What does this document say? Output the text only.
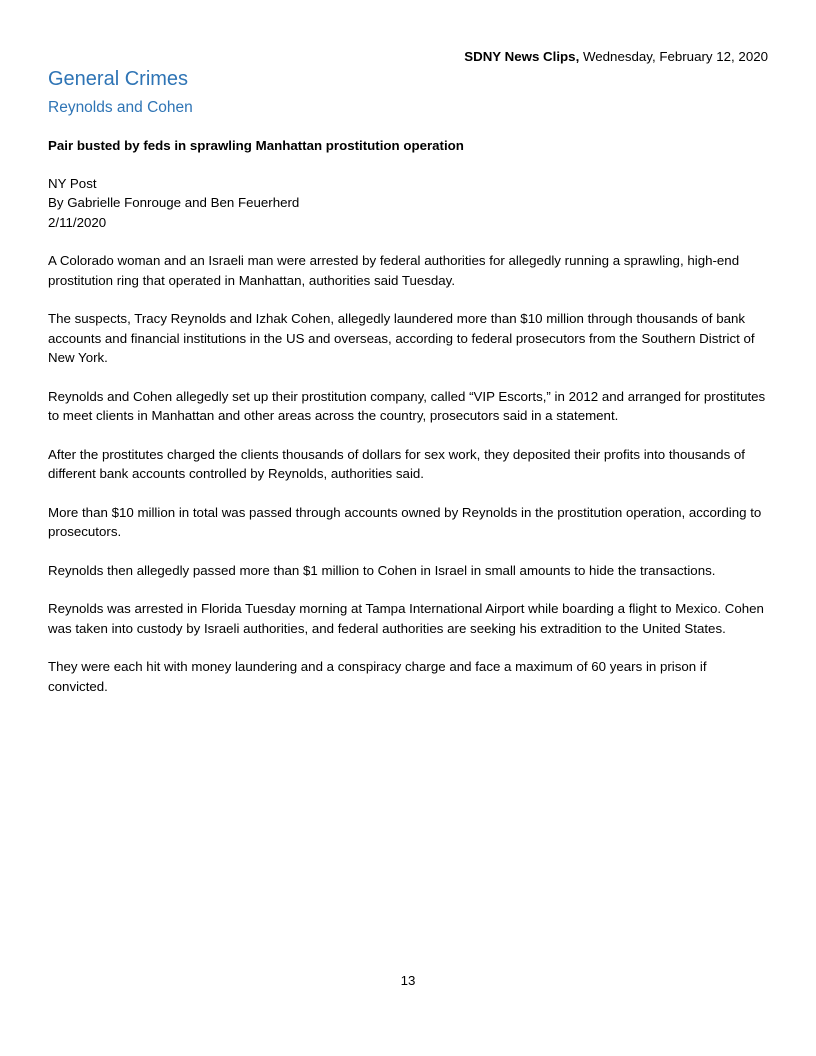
SDNY News Clips, Wednesday, February 12, 2020
General Crimes
Reynolds and Cohen
Pair busted by feds in sprawling Manhattan prostitution operation
NY Post
By Gabrielle Fonrouge and Ben Feuerherd
2/11/2020

A Colorado woman and an Israeli man were arrested by federal authorities for allegedly running a sprawling, high-end prostitution ring that operated in Manhattan, authorities said Tuesday.

The suspects, Tracy Reynolds and Izhak Cohen, allegedly laundered more than $10 million through thousands of bank accounts and financial institutions in the US and overseas, according to federal prosecutors from the Southern District of New York.

Reynolds and Cohen allegedly set up their prostitution company, called “VIP Escorts,” in 2012 and arranged for prostitutes to meet clients in Manhattan and other areas across the country, prosecutors said in a statement.

After the prostitutes charged the clients thousands of dollars for sex work, they deposited their profits into thousands of different bank accounts controlled by Reynolds, authorities said.

More than $10 million in total was passed through accounts owned by Reynolds in the prostitution operation, according to prosecutors.

Reynolds then allegedly passed more than $1 million to Cohen in Israel in small amounts to hide the transactions.

Reynolds was arrested in Florida Tuesday morning at Tampa International Airport while boarding a flight to Mexico. Cohen was taken into custody by Israeli authorities, and federal authorities are seeking his extradition to the United States.

They were each hit with money laundering and a conspiracy charge and face a maximum of 60 years in prison if convicted.

13
